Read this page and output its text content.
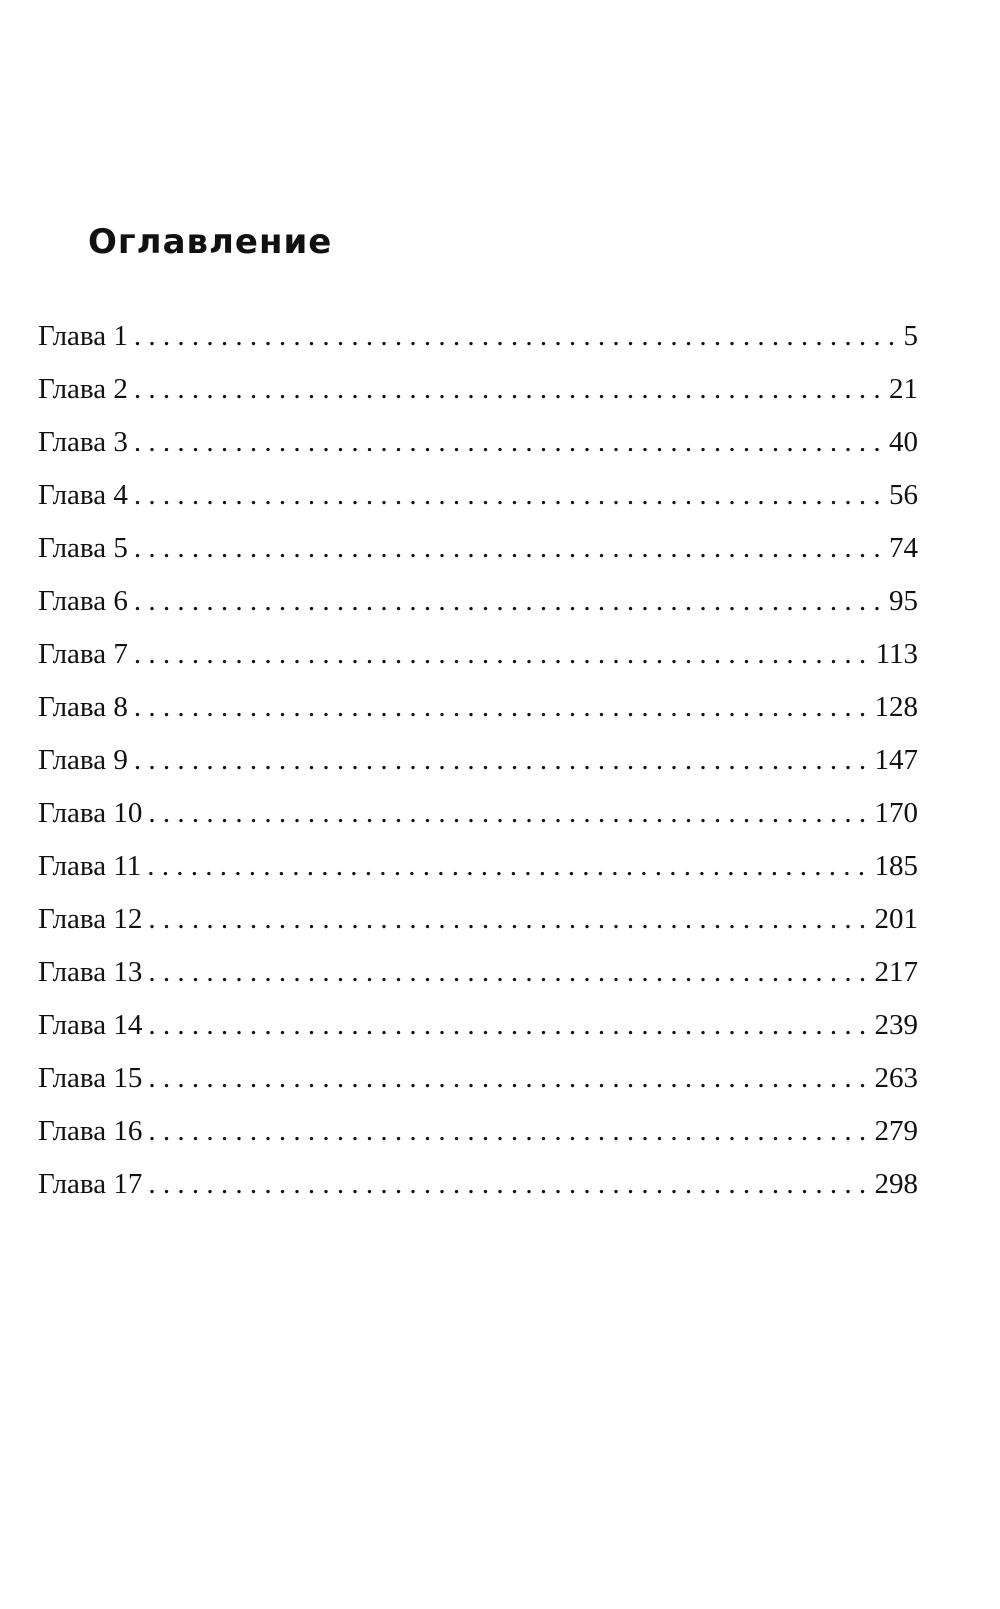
Оглавление
Глава 1 . . .	5
Глава 2 . . .	21
Глава 3 . . .	40
Глава 4 . . .	56
Глава 5 . . .	74
Глава 6 . . .	95
Глава 7 . . .	113
Глава 8 . . .	128
Глава 9 . . .	147
Глава 10 . . .	170
Глава 11 . . .	185
Глава 12 . . .	201
Глава 13 . . .	217
Глава 14 . . .	239
Глава 15 . . .	263
Глава 16 . . .	279
Глава 17 . . .	298
